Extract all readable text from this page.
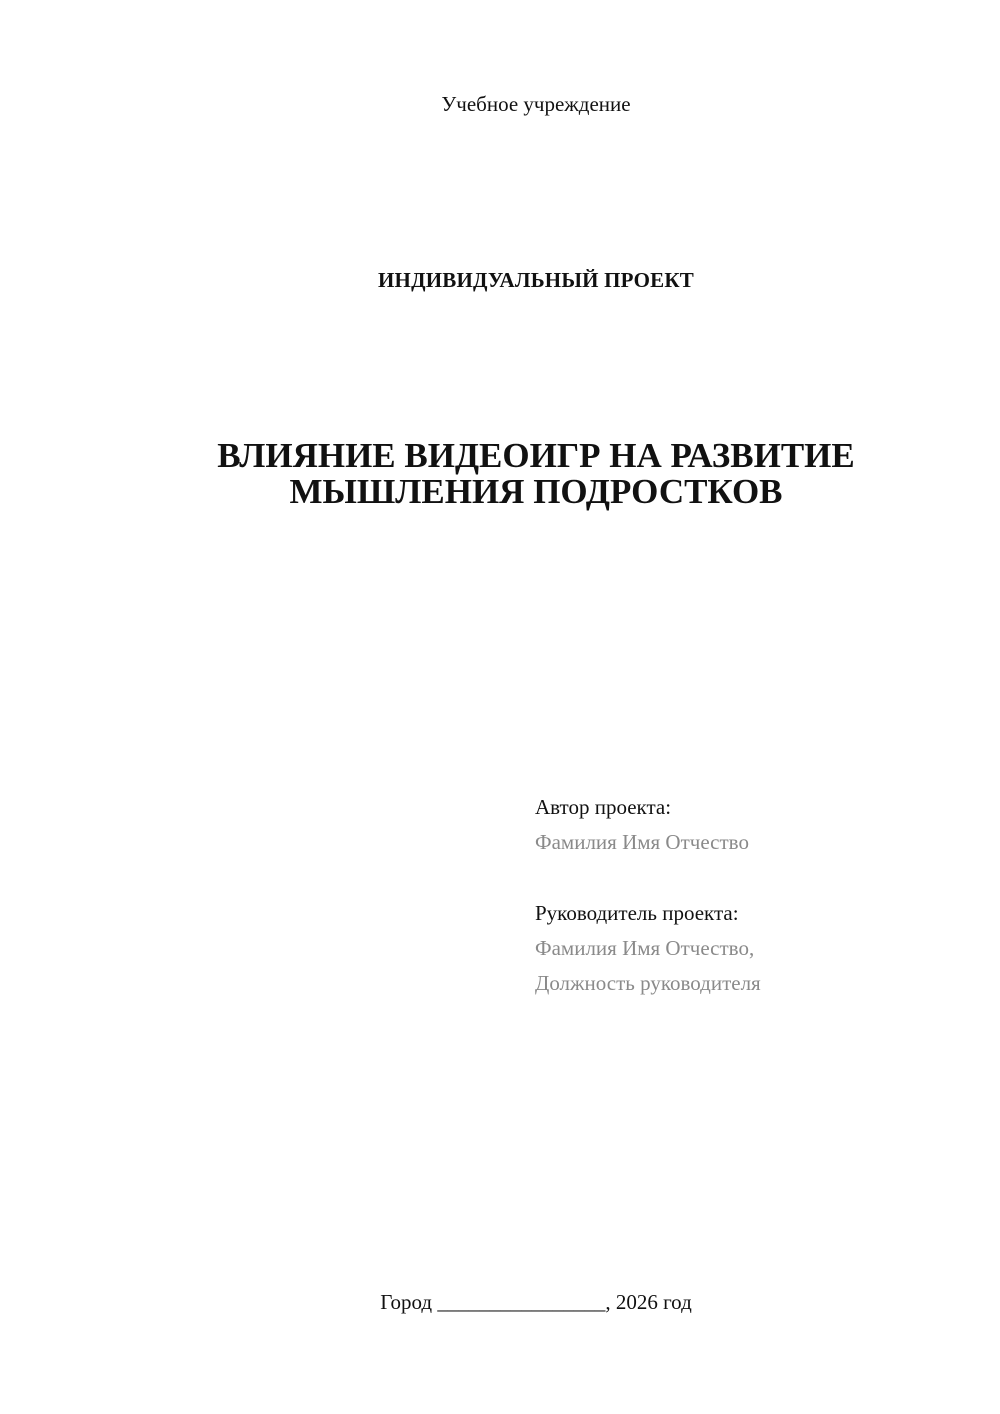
Учебное учреждение
ИНДИВИДУАЛЬНЫЙ ПРОЕКТ
ВЛИЯНИЕ ВИДЕОИГР НА РАЗВИТИЕ
МЫШЛЕНИЯ ПОДРОСТКОВ
Автор проекта:
Фамилия Имя Отчество
Руководитель проекта:
Фамилия Имя Отчество,
Должность руководителя
Город ________________, 2026 год
